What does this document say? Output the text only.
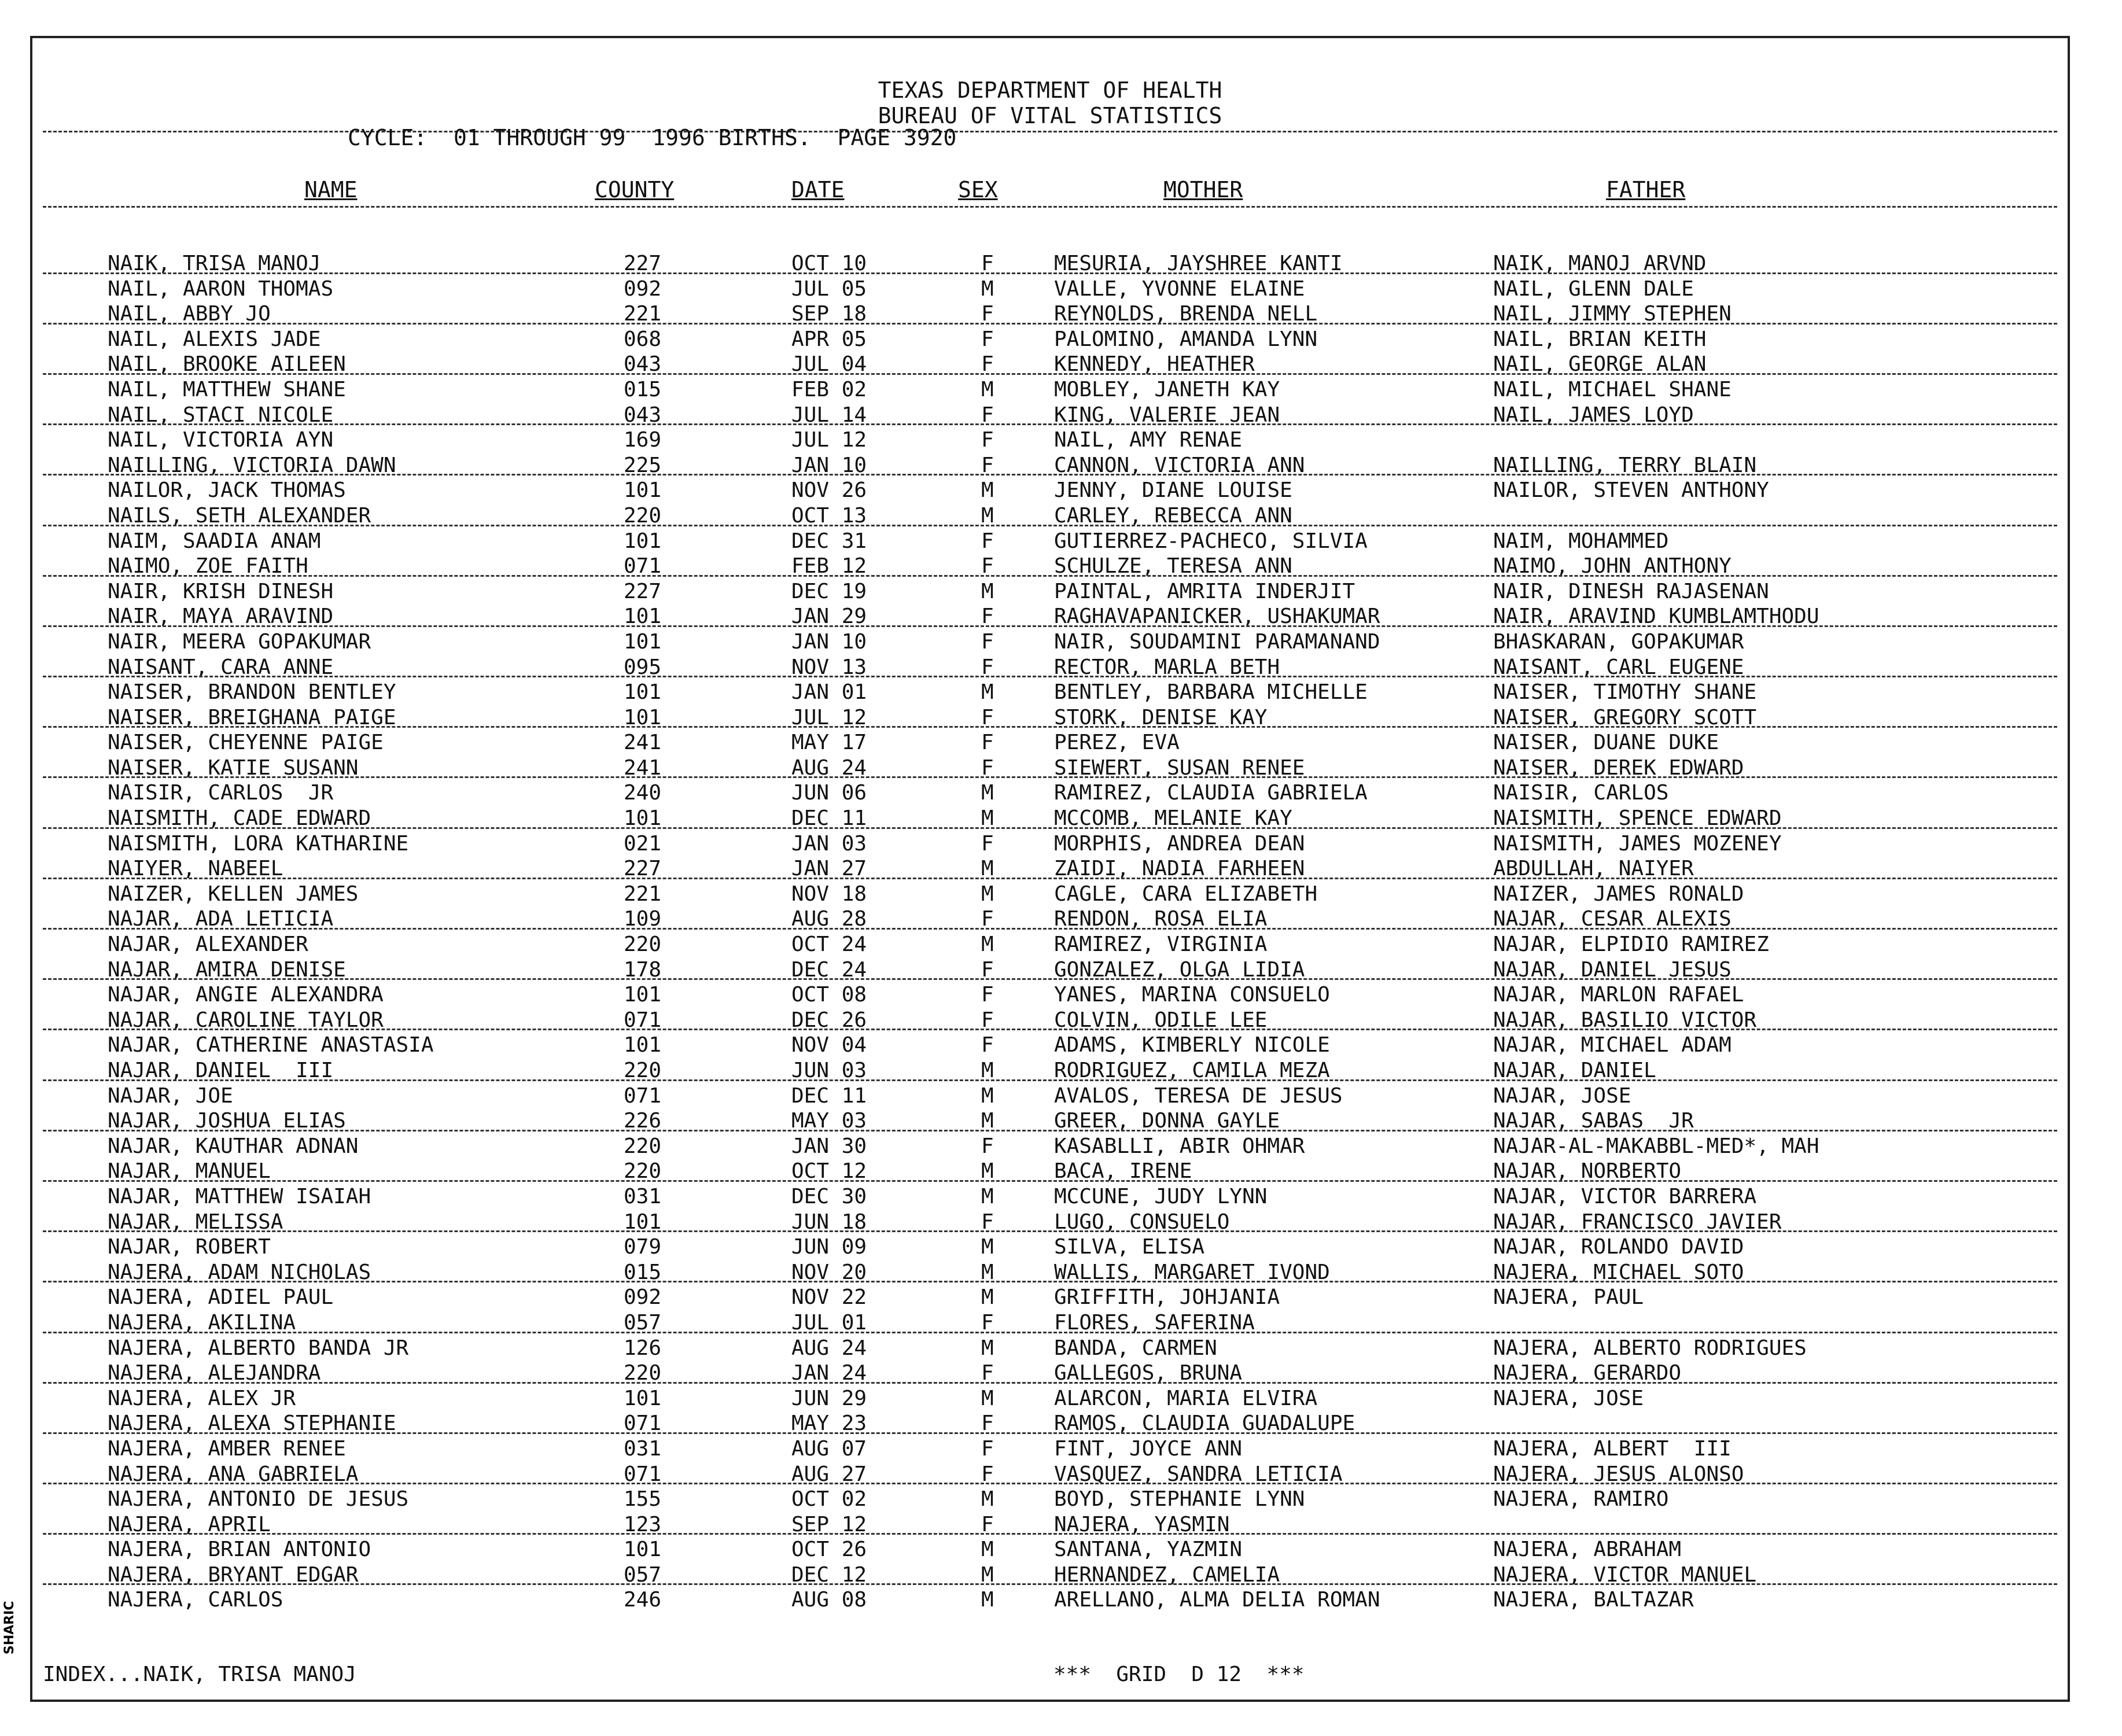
SHARIC
TEXAS DEPARTMENT OF HEALTH
BUREAU OF VITAL STATISTICS
CYCLE:  01 THROUGH 99  1996 BIRTHS.  PAGE 3920
NAME	COUNTY	DATE	SEX	MOTHER	FATHER
NAIK, TRISA MANOJ	227	OCT 10	F	MESURIA, JAYSHREE KANTI	NAIK, MANOJ ARVND
NAIL, AARON THOMAS	092	JUL 05	M	VALLE, YVONNE ELAINE	NAIL, GLENN DALE
NAIL, ABBY JO	221	SEP 18	F	REYNOLDS, BRENDA NELL	NAIL, JIMMY STEPHEN
NAIL, ALEXIS JADE	068	APR 05	F	PALOMINO, AMANDA LYNN	NAIL, BRIAN KEITH
NAIL, BROOKE AILEEN	043	JUL 04	F	KENNEDY, HEATHER	NAIL, GEORGE ALAN
NAIL, MATTHEW SHANE	015	FEB 02	M	MOBLEY, JANETH KAY	NAIL, MICHAEL SHANE
NAIL, STACI NICOLE	043	JUL 14	F	KING, VALERIE JEAN	NAIL, JAMES LOYD
NAIL, VICTORIA AYN	169	JUL 12	F	NAIL, AMY RENAE
NAILLING, VICTORIA DAWN	225	JAN 10	F	CANNON, VICTORIA ANN	NAILLING, TERRY BLAIN
NAILOR, JACK THOMAS	101	NOV 26	M	JENNY, DIANE LOUISE	NAILOR, STEVEN ANTHONY
NAILS, SETH ALEXANDER	220	OCT 13	M	CARLEY, REBECCA ANN
NAIM, SAADIA ANAM	101	DEC 31	F	GUTIERREZ-PACHECO, SILVIA	NAIM, MOHAMMED
NAIMO, ZOE FAITH	071	FEB 12	F	SCHULZE, TERESA ANN	NAIMO, JOHN ANTHONY
NAIR, KRISH DINESH	227	DEC 19	M	PAINTAL, AMRITA INDERJIT	NAIR, DINESH RAJASENAN
NAIR, MAYA ARAVIND	101	JAN 29	F	RAGHAVAPANICKER, USHAKUMAR	NAIR, ARAVIND KUMBLAMTHODU
NAIR, MEERA GOPAKUMAR	101	JAN 10	F	NAIR, SOUDAMINI PARAMANAND	BHASKARAN, GOPAKUMAR
NAISANT, CARA ANNE	095	NOV 13	F	RECTOR, MARLA BETH	NAISANT, CARL EUGENE
NAISER, BRANDON BENTLEY	101	JAN 01	M	BENTLEY, BARBARA MICHELLE	NAISER, TIMOTHY SHANE
NAISER, BREIGHANA PAIGE	101	JUL 12	F	STORK, DENISE KAY	NAISER, GREGORY SCOTT
NAISER, CHEYENNE PAIGE	241	MAY 17	F	PEREZ, EVA	NAISER, DUANE DUKE
NAISER, KATIE SUSANN	241	AUG 24	F	SIEWERT, SUSAN RENEE	NAISER, DEREK EDWARD
NAISIR, CARLOS  JR	240	JUN 06	M	RAMIREZ, CLAUDIA GABRIELA	NAISIR, CARLOS
NAISMITH, CADE EDWARD	101	DEC 11	M	MCCOMB, MELANIE KAY	NAISMITH, SPENCE EDWARD
NAISMITH, LORA KATHARINE	021	JAN 03	F	MORPHIS, ANDREA DEAN	NAISMITH, JAMES MOZENEY
NAIYER, NABEEL	227	JAN 27	M	ZAIDI, NADIA FARHEEN	ABDULLAH, NAIYER
NAIZER, KELLEN JAMES	221	NOV 18	M	CAGLE, CARA ELIZABETH	NAIZER, JAMES RONALD
NAJAR, ADA LETICIA	109	AUG 28	F	RENDON, ROSA ELIA	NAJAR, CESAR ALEXIS
NAJAR, ALEXANDER	220	OCT 24	M	RAMIREZ, VIRGINIA	NAJAR, ELPIDIO RAMIREZ
NAJAR, AMIRA DENISE	178	DEC 24	F	GONZALEZ, OLGA LIDIA	NAJAR, DANIEL JESUS
NAJAR, ANGIE ALEXANDRA	101	OCT 08	F	YANES, MARINA CONSUELO	NAJAR, MARLON RAFAEL
NAJAR, CAROLINE TAYLOR	071	DEC 26	F	COLVIN, ODILE LEE	NAJAR, BASILIO VICTOR
NAJAR, CATHERINE ANASTASIA	101	NOV 04	F	ADAMS, KIMBERLY NICOLE	NAJAR, MICHAEL ADAM
NAJAR, DANIEL  III	220	JUN 03	M	RODRIGUEZ, CAMILA MEZA	NAJAR, DANIEL
NAJAR, JOE	071	DEC 11	M	AVALOS, TERESA DE JESUS	NAJAR, JOSE
NAJAR, JOSHUA ELIAS	226	MAY 03	M	GREER, DONNA GAYLE	NAJAR, SABAS  JR
NAJAR, KAUTHAR ADNAN	220	JAN 30	F	KASABLLI, ABIR OHMAR	NAJAR-AL-MAKABBL-MED*, MAH
NAJAR, MANUEL	220	OCT 12	M	BACA, IRENE	NAJAR, NORBERTO
NAJAR, MATTHEW ISAIAH	031	DEC 30	M	MCCUNE, JUDY LYNN	NAJAR, VICTOR BARRERA
NAJAR, MELISSA	101	JUN 18	F	LUGO, CONSUELO	NAJAR, FRANCISCO JAVIER
NAJAR, ROBERT	079	JUN 09	M	SILVA, ELISA	NAJAR, ROLANDO DAVID
NAJERA, ADAM NICHOLAS	015	NOV 20	M	WALLIS, MARGARET IVOND	NAJERA, MICHAEL SOTO
NAJERA, ADIEL PAUL	092	NOV 22	M	GRIFFITH, JOHJANIA	NAJERA, PAUL
NAJERA, AKILINA	057	JUL 01	F	FLORES, SAFERINA
NAJERA, ALBERTO BANDA JR	126	AUG 24	M	BANDA, CARMEN	NAJERA, ALBERTO RODRIGUES
NAJERA, ALEJANDRA	220	JAN 24	F	GALLEGOS, BRUNA	NAJERA, GERARDO
NAJERA, ALEX JR	101	JUN 29	M	ALARCON, MARIA ELVIRA	NAJERA, JOSE
NAJERA, ALEXA STEPHANIE	071	MAY 23	F	RAMOS, CLAUDIA GUADALUPE
NAJERA, AMBER RENEE	031	AUG 07	F	FINT, JOYCE ANN	NAJERA, ALBERT  III
NAJERA, ANA GABRIELA	071	AUG 27	F	VASQUEZ, SANDRA LETICIA	NAJERA, JESUS ALONSO
NAJERA, ANTONIO DE JESUS	155	OCT 02	M	BOYD, STEPHANIE LYNN	NAJERA, RAMIRO
NAJERA, APRIL	123	SEP 12	F	NAJERA, YASMIN
NAJERA, BRIAN ANTONIO	101	OCT 26	M	SANTANA, YAZMIN	NAJERA, ABRAHAM
NAJERA, BRYANT EDGAR	057	DEC 12	M	HERNANDEZ, CAMELIA	NAJERA, VICTOR MANUEL
NAJERA, CARLOS	246	AUG 08	M	ARELLANO, ALMA DELIA ROMAN	NAJERA, BALTAZAR
INDEX...NAIK, TRISA MANOJ	***  GRID  D 12  ***
